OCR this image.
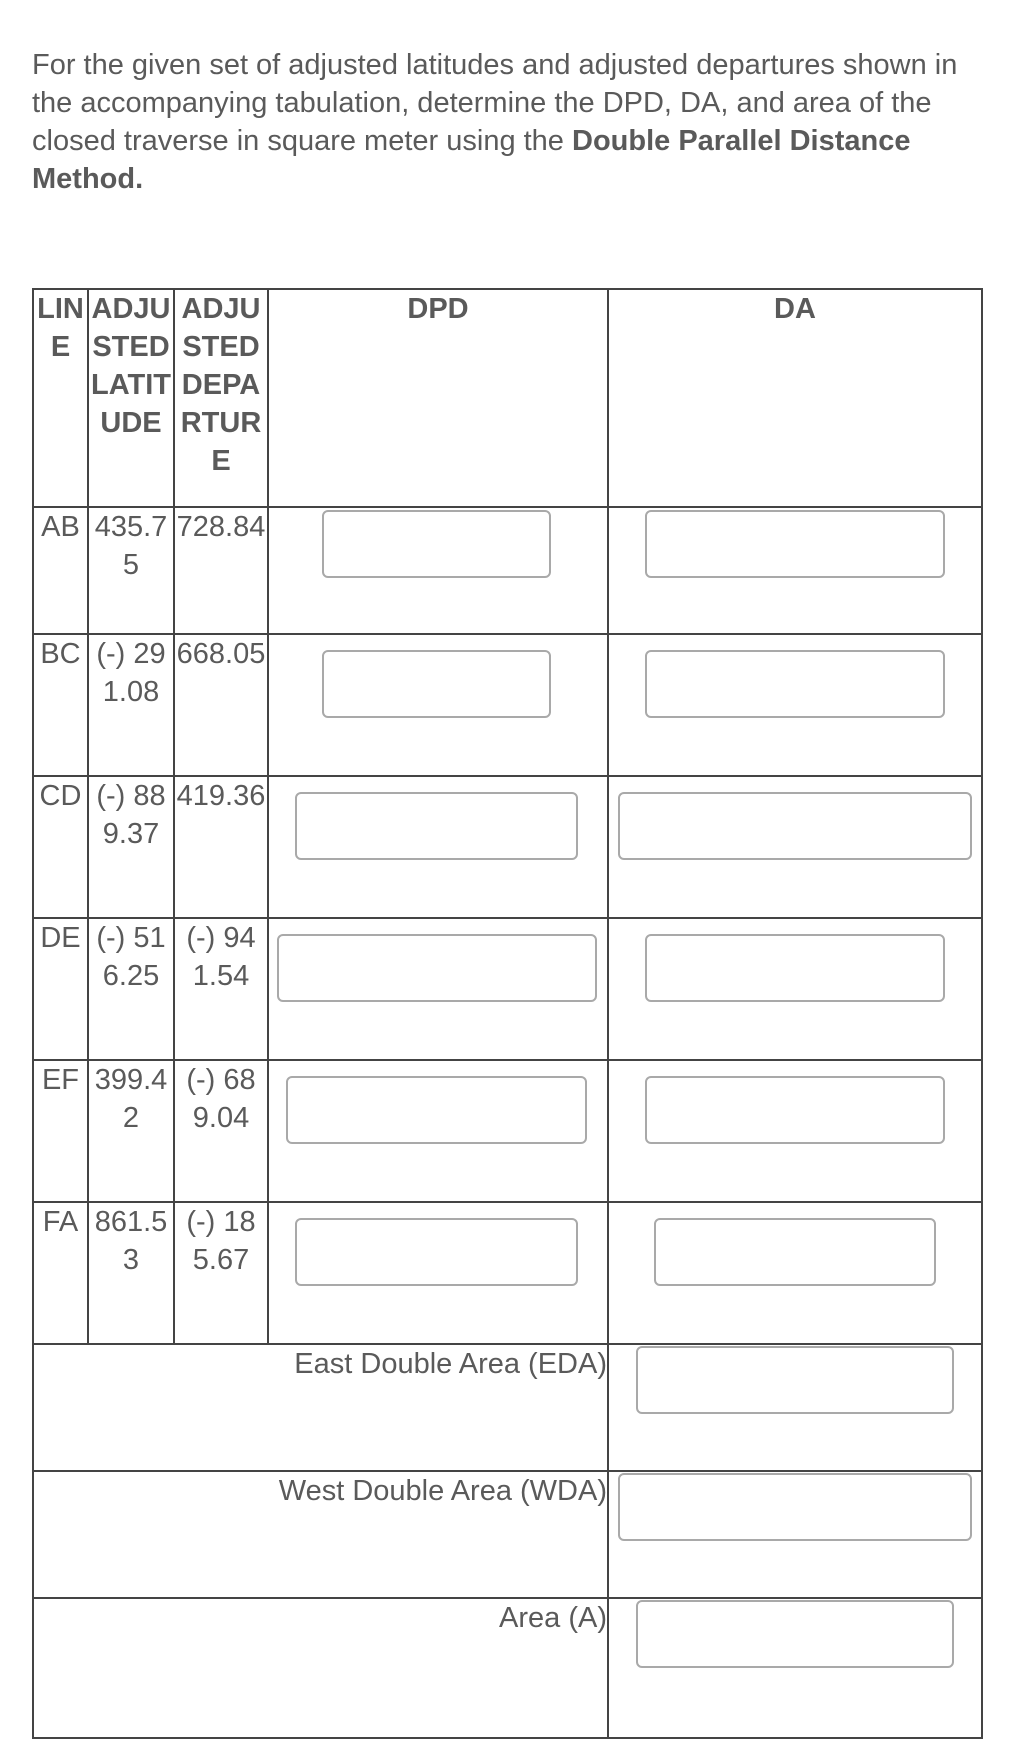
For the given set of adjusted latitudes and adjusted departures shown in the accompanying tabulation, determine the DPD, DA, and area of the closed traverse in square meter using the Double Parallel Distance Method.
LINE	ADJUSTED LATITUDE	ADJUSTED DEPARTURE	DPD	DA
AB	435.75	728.84	

BC	(-) 291.08	668.05	

CD	(-) 889.37	419.36	

DE	(-) 516.25	(-) 941.54	

EF	399.42	(-) 689.04	

FA	861.53	(-) 185.67	

East Double Area (EDA)				

West Double Area (WDA)				

Area (A)				
